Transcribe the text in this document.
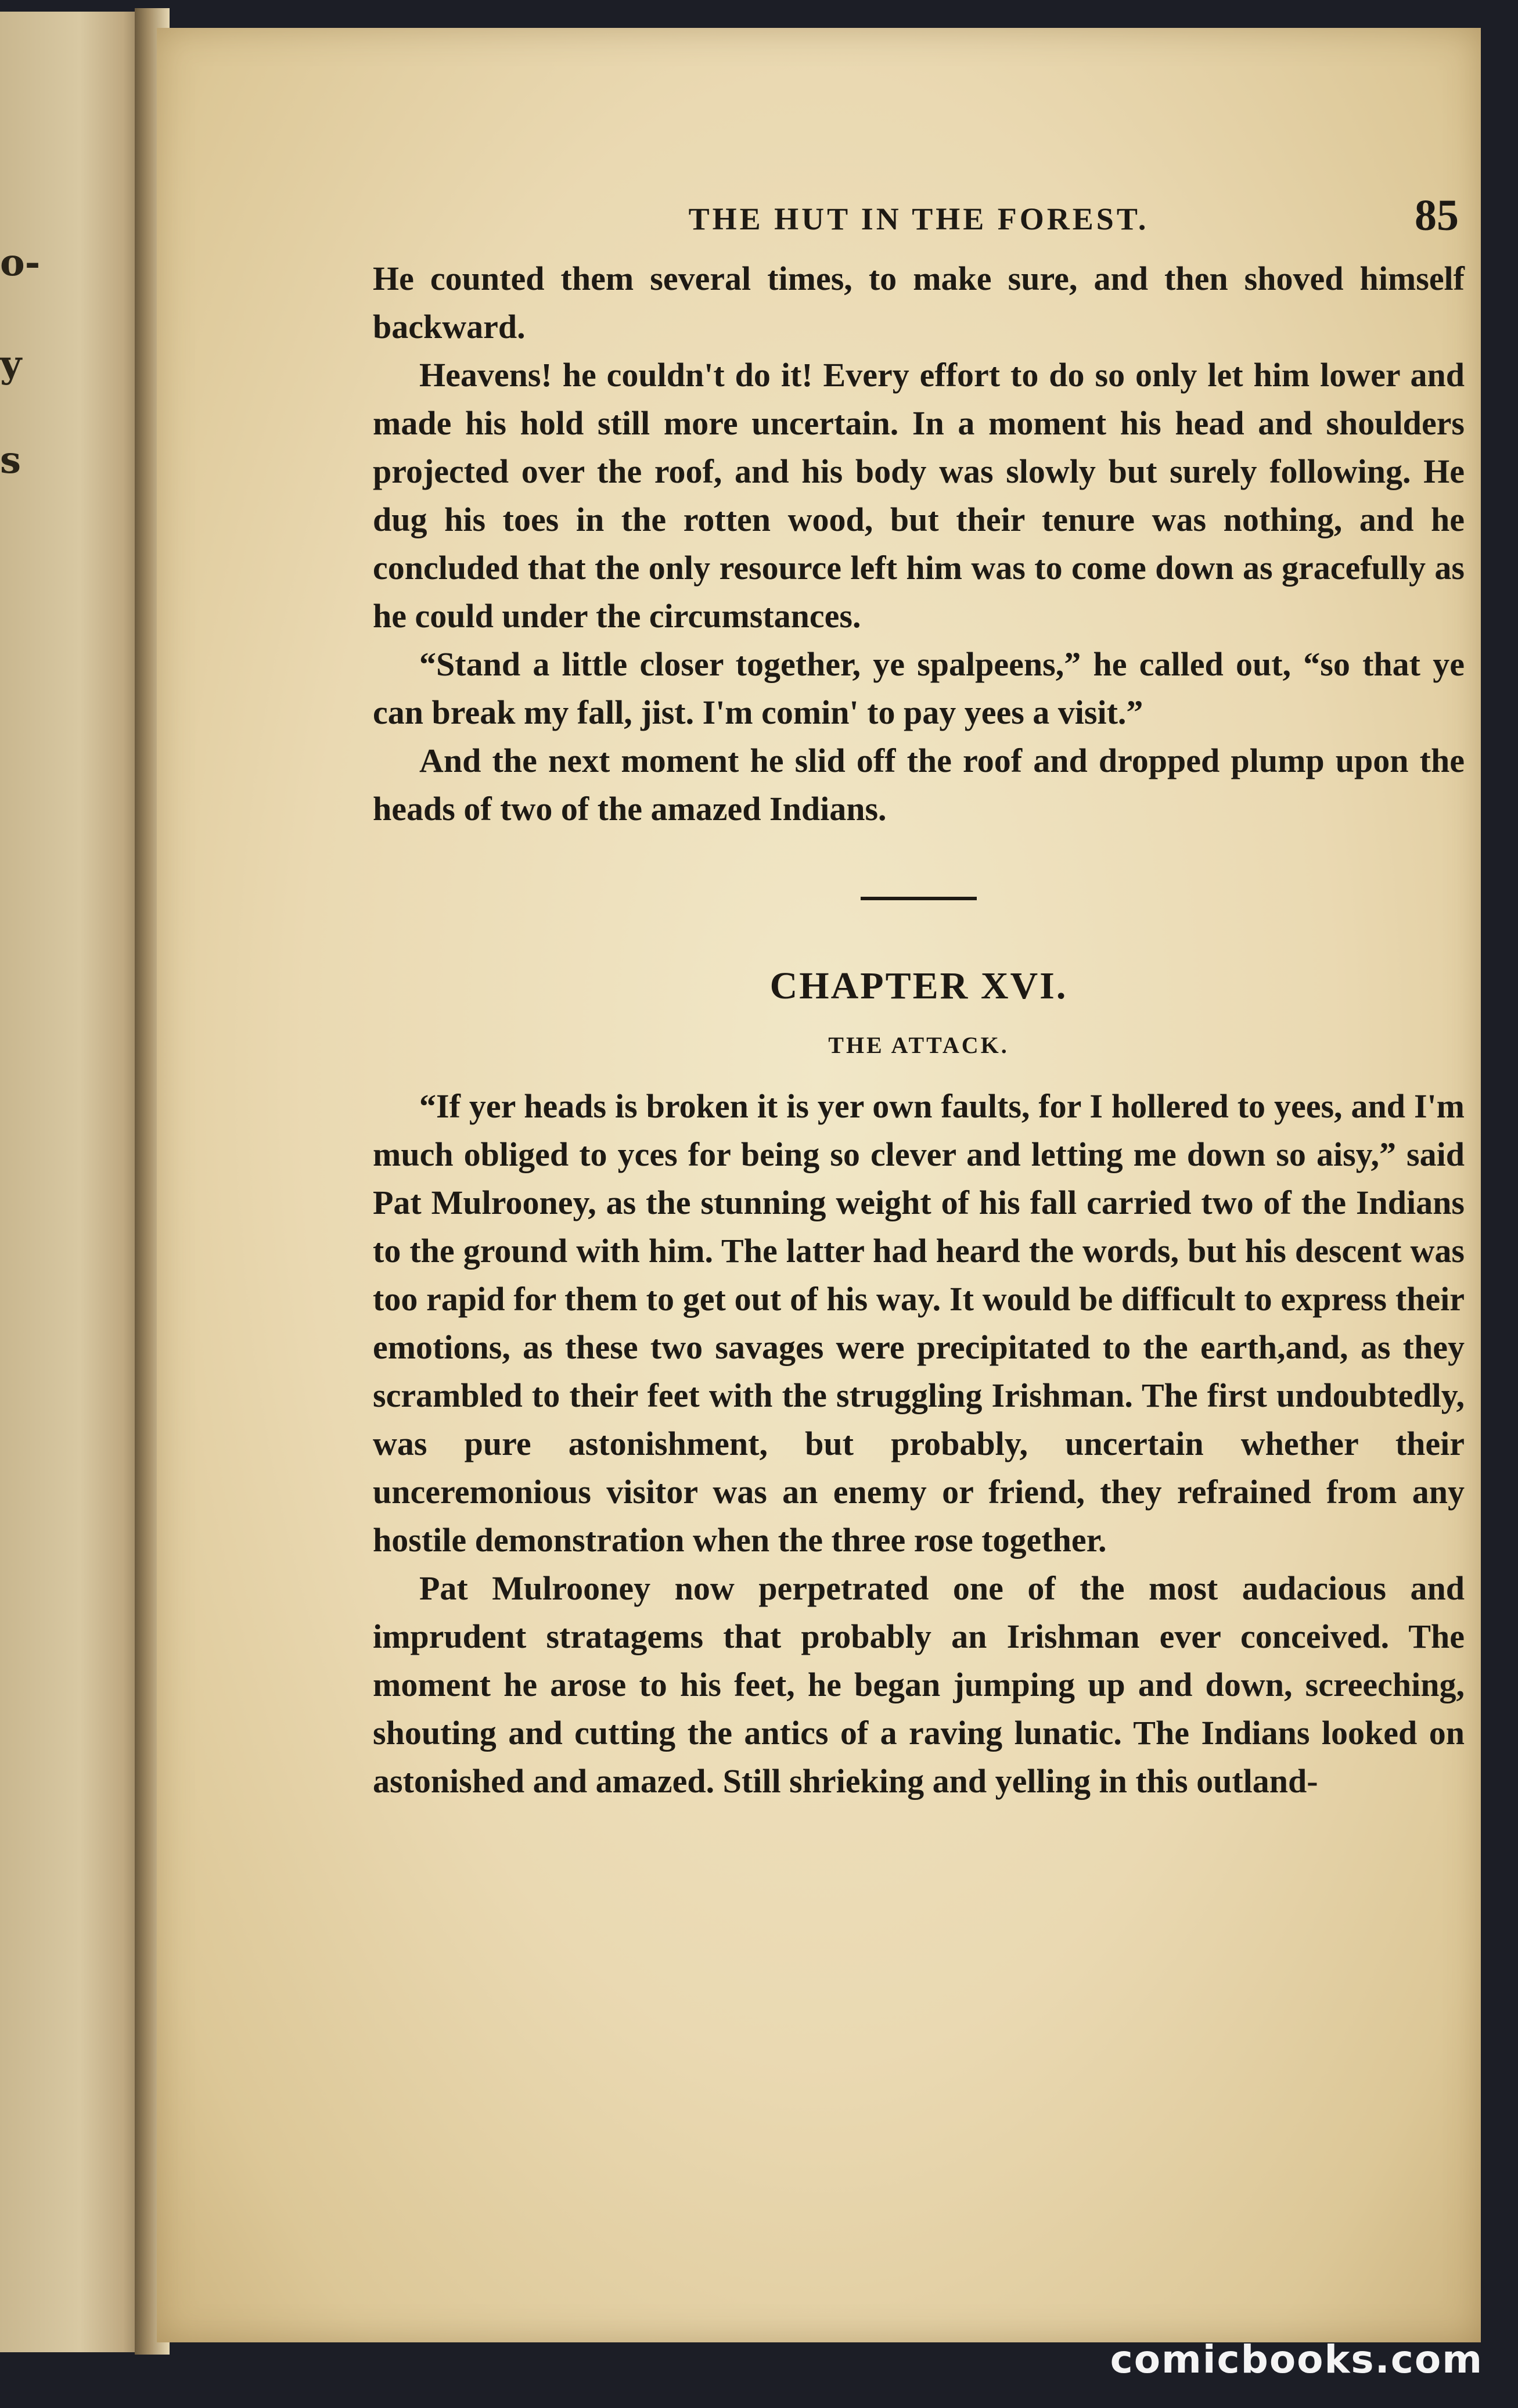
o-
y
s
THE HUT IN THE FOREST.	85

He counted them several times, to make sure, and then shoved himself backward.

Heavens! he couldn't do it! Every effort to do so only let him lower and made his hold still more uncertain. In a moment his head and shoulders projected over the roof, and his body was slowly but surely following. He dug his toes in the rotten wood, but their tenure was nothing, and he concluded that the only resource left him was to come down as gracefully as he could under the circumstances.

“Stand a little closer together, ye spalpeens,” he called out, “so that ye can break my fall, jist. I'm comin' to pay yees a visit.”

And the next moment he slid off the roof and dropped plump upon the heads of two of the amazed Indians.

CHAPTER XVI.
THE ATTACK.

“If yer heads is broken it is yer own faults, for I hollered to yees, and I'm much obliged to yces for being so clever and letting me down so aisy,” said Pat Mulrooney, as the stunning weight of his fall carried two of the Indians to the ground with him. The latter had heard the words, but his descent was too rapid for them to get out of his way. It would be difficult to express their emotions, as these two savages were precipitated to the earth,and, as they scrambled to their feet with the struggling Irishman. The first undoubtedly, was pure astonishment, but probably, uncertain whether their unceremonious visitor was an enemy or friend, they refrained from any hostile demonstration when the three rose together.

Pat Mulrooney now perpetrated one of the most audacious and imprudent stratagems that probably an Irishman ever conceived. The moment he arose to his feet, he began jumping up and down, screeching, shouting and cutting the antics of a raving lunatic. The Indians looked on astonished and amazed. Still shrieking and yelling in this outland-

comicbooks.com
